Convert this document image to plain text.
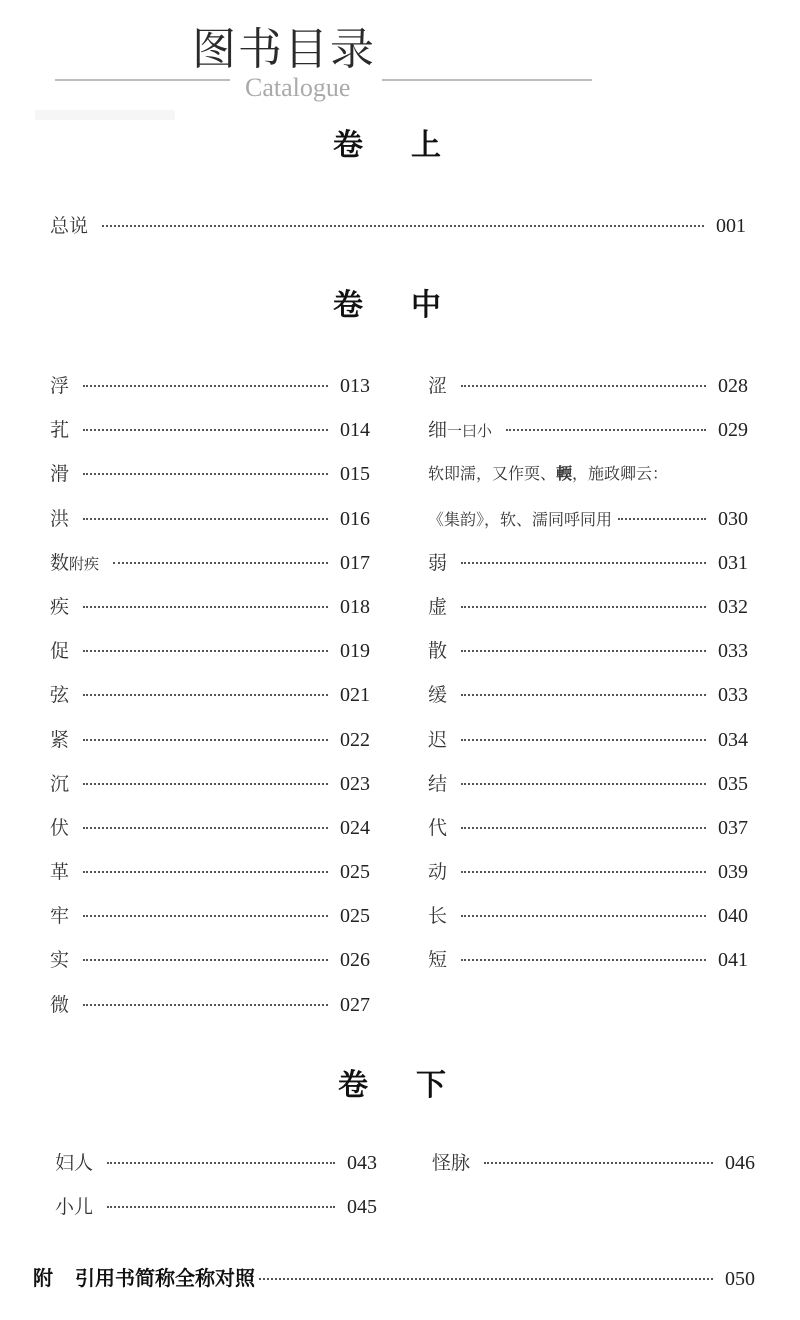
图书目录
Catalogue
卷 上
总说	001
卷 中
浮	013
芤	014
滑	015
洪	016
数附疾	017
疾	018
促	019
弦	021
紧	022
沉	023
伏	024
革	025
牢	025
实	026
微	027
涩	028
细一曰小	029
软即濡，又作耎、輭，施政卿云：
《集韵》，软、濡同呼同用	030
弱	031
虚	032
散	033
缓	033
迟	034
结	035
代	037
动	039
长	040
短	041
卷 下
妇人	043
小儿	045
怪脉	046
附 引用书简称全称对照	050
